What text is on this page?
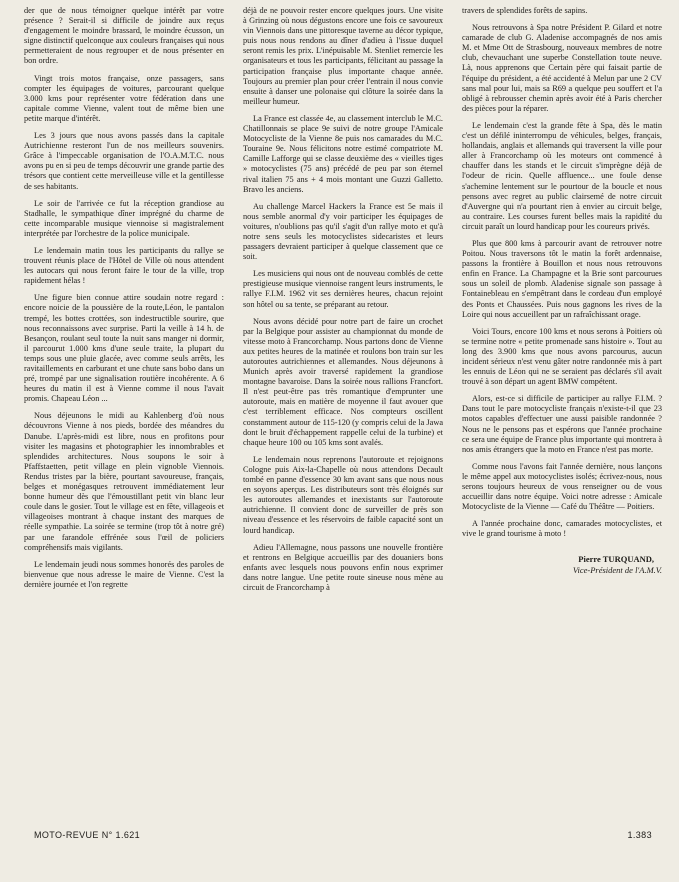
der que de nous témoigner quelque intérêt par votre présence ? Serait-il si difficile de joindre aux reçus d'engagement le moindre brassard, le moindre écusson, un signe distinctif quelconque aux couleurs françaises qui nous permetteraient de nous regrouper et de nous présenter en bon ordre.

Vingt trois motos française, onze passagers, sans compter les équipages de voitures, parcourant quelque 3.000 kms pour représenter votre fédération dans une capitale comme Vienne, valent tout de même bien une petite marque d'intérêt.

Les 3 jours que nous avons passés dans la capitale Autrichienne resteront l'un de nos meilleurs souvenirs. Grâce à l'impeccable organisation de l'O.A.M.T.C. nous avons pu en si peu de temps découvrir une grande partie des trésors que contient cette merveilleuse ville et la gentillesse de ses habitants.

Le soir de l'arrivée ce fut la réception grandiose au Stadhalle, le sympathique dîner imprégné du charme de cette incomparable musique viennoise si magistralement interprétée par l'orchestre de la police municipale.

Le lendemain matin tous les participants du rallye se trouvent réunis place de l'Hôtel de Ville où nous attendent les autocars qui nous feront faire le tour de la ville, trop rapidement hélas !

Une figure bien connue attire soudain notre regard : encore noicie de la poussière de la route,Léon, le pantalon trempé, les bottes crottées, son indestructible sourire, que nous reconnaissons avec surprise. Parti la veille à 14 h. de Besançon, roulant seul toute la nuit sans manger ni dormir, il parcourut 1.000 kms d'une seule traite, la plupart du temps sous une pluie glacée, avec comme seuls arrêts, les ravitaillements en carburant et une chute sans bobo dans un pré, trompé par une signalisation routière incohérente. A 6 heures du matin il est à Vienne comme il nous l'avait promis. Chapeau Léon ...

Nous déjeunons le midi au Kahlenberg d'où nous découvrons Vienne à nos pieds, bordée des méandres du Danube. L'après-midi est libre, nous en profitons pour visiter les magasins et photographier les innombrables et splendides architectures. Nous soupons le soir à Pfaffstaetten, petit village en plein vignoble Viennois. Rendus tristes par la bière, pourtant savoureuse, français, belges et monégasques retrouvent immédiatement leur bonne humeur dès que l'émoustillant petit vin blanc leur coule dans le gosier. Tout le village est en fête, villageois et villageoises montrant à chaque instant des marques de réelle sympathie. La soirée se termine (trop tôt à notre gré) par une farandole effrénée sous l'œil de policiers compréhensifs mais vigilants.

Le lendemain jeudi nous sommes honorés des paroles de bienvenue que nous adresse le maire de Vienne. C'est la dernière journée et l'on regrette

déjà de ne pouvoir rester encore quelques jours. Une visite à Grinzing où nous dégustons encore une fois ce savoureux vin Viennois dans une pittoresque taverne au décor typique, puis nous nous rendons au dîner d'adieu à l'issue duquel seront remis les prix. L'inépuisable M. Stenliet remercie les organisateurs et tous les participants, félicitant au passage la participation française plus importante chaque année. Toujours au premier plan pour créer l'entrain il nous convie ensuite à danser une polonaise qui clôture la soirée dans la meilleur humeur.

La France est classée 4e, au classement interclub le M.C. Chatillonnais se place 9e suivi de notre groupe l'Amicale Motocycliste de la Vienne 8e puis nos camarades du M.C. Tourainе 9e. Nous félicitons notre estimé compatriote M. Camille Lafforge qui se classe deuxième des « vieilles tiges » motocyclistes (75 ans) précédé de peu par son éternel rival italien 75 ans + 4 mois montant une Guzzi Galletto. Bravo les anciens.

Au challenge Marcel Hackers la France est 5e mais il nous semble anormal d'y voir participer les équipages de voitures, n'oublions pas qu'il s'agit d'un rallye moto et qu'à notre sens seuls les motocyclistes sidecaristes et leurs passagers devraient participer à quelque classement que ce soit.

Les musiciens qui nous ont de nouveau comblés de cette prestigieuse musique viennoise rangent leurs instruments, le rallye F.I.M. 1962 vit ses dernières heures, chacun rejoint son hôtel ou sa tente, se préparant au retour.

Nous avons décidé pour notre part de faire un crochet par la Belgique pour assister au championnat du monde de vitesse moto à Francorchamp. Nous partons donc de Vienne aux petites heures de la matinée et roulons bon train sur les autoroutes autrichiennes et allemandes. Nous déjeunons à Munich après avoir traversé rapidement la grandiose montagne bavaroise. Dans la soirée nous rallions Francfort. Il n'est peut-être pas très romantique d'emprunter une autoroute, mais en matière de moyenne il faut avouer que c'est terriblement efficace. Nos compteurs oscillent constamment autour de 115-120 (y compris celui de la Jawa dont le bruit d'échappement rappelle celui de la turbine) et chaque heure 100 ou 105 kms sont avalés.

Le lendemain nous reprenons l'autoroute et rejoignons Cologne puis Aix-la-Chapelle où nous attendons Decault tombé en panne d'essence 30 km avant sans que nous nous en soyons aperçus. Les distributeurs sont très éloignés sur les autoroutes allemandes et inexistants sur l'autoroute autrichienne. Il convient donc de surveiller de près son niveau d'essence et les réservoirs de faible capacité sont un lourd handicap.

Adieu l'Allemagne, nous passons une nouvelle frontière et rentrons en Belgique accueillis par des douaniers bons enfants avec lesquels nous pouvons enfin nous exprimer dans notre langue. Une petite route sineuse nous mène au circuit de Francorchamp à

travers de splendides forêts de sapins.

Nous retrouvons à Spa notre Président P. Gilard et notre camarade de club G. Aladenise accompagnés de nos amis M. et Mme Ott de Strasbourg, nouveaux membres de notre club, chevauchant une superbe Constellation toute neuve. Là, nous apprenons que Certain père qui faisait partie de l'équipe du président, a été accidenté à Melun par une 2 CV sans mal pour lui, mais sa R69 a quelque peu souffert et l'a obligé à rebrousser chemin après avoir été à Paris chercher des pièces pour la réparer.

Le lendemain c'est la grande fête à Spa, dès le matin c'est un défilé ininterrompu de véhicules, belges, français, hollandais, anglais et allemands qui traversent la ville pour aller à Francorchamp où les moteurs ont commencé à chauffer dans les stands et le circuit s'imprègne déjà de l'odeur de ricin. Quelle affluence... une foule dense s'achemine lentement sur le pourtour de la boucle et nous pensons avec regret au public clairsemé de notre circuit d'Auvergne qui n'a pourtant rien à envier au circuit belge, au contraire. Les courses furent belles mais la rapidité du circuit paraît un lourd handicap pour les coureurs privés.

Plus que 800 kms à parcourir avant de retrouver notre Poitou. Nous traversons tôt le matin la forêt ardennaise, passons la frontière à Bouillon et nous nous retrouvons enfin en France. La Champagne et la Brie sont parcourues sous un soleil de plomb. Aladenise signale son passage à Fontainebleau en s'empêtrant dans le cordeau d'un employé des Ponts et Chaussées. Puis nous gagnons les rives de la Loire qui nous accueillent par un rafraîchissant orage.

Voici Tours, encore 100 kms et nous serons à Poitiers où se termine notre « petite promenade sans histoire ». Tout au long des 3.900 kms que nous avons parcourus, aucun incident sérieux n'est venu gâter notre randonnée mis à part les ennuis de Léon qui ne se seraient pas déclarés s'il avait trouvé à son départ un agent BMW compétent.

Alors, est-ce si difficile de participer au rallye F.I.M. ? Dans tout le pare motocycliste français n'existe-t-il que 23 motos capables d'effectuer une aussi paisible randonnée ? Nous ne le pensons pas et espérons que l'année prochaine ce sera une équipe de France plus importante qui montrera à nos amis étrangers que la moto en France n'est pas morte.

Comme nous l'avons fait l'année dernière, nous lançons le même appel aux motocyclistes isolés; écrivez-nous, nous serons toujours heureux de vous renseigner ou de vous accueillir dans notre équipe. Voici notre adresse : Amicale Motocycliste de la Vienne — Café du Théâtre — Poitiers.

A l'année prochaine donc, camarades motocyclistes, et vive le grand tourisme à moto !

Pierre TURQUAND,
Vice-Président de l'A.M.V.
MOTO-REVUE N° 1.621	1.383
